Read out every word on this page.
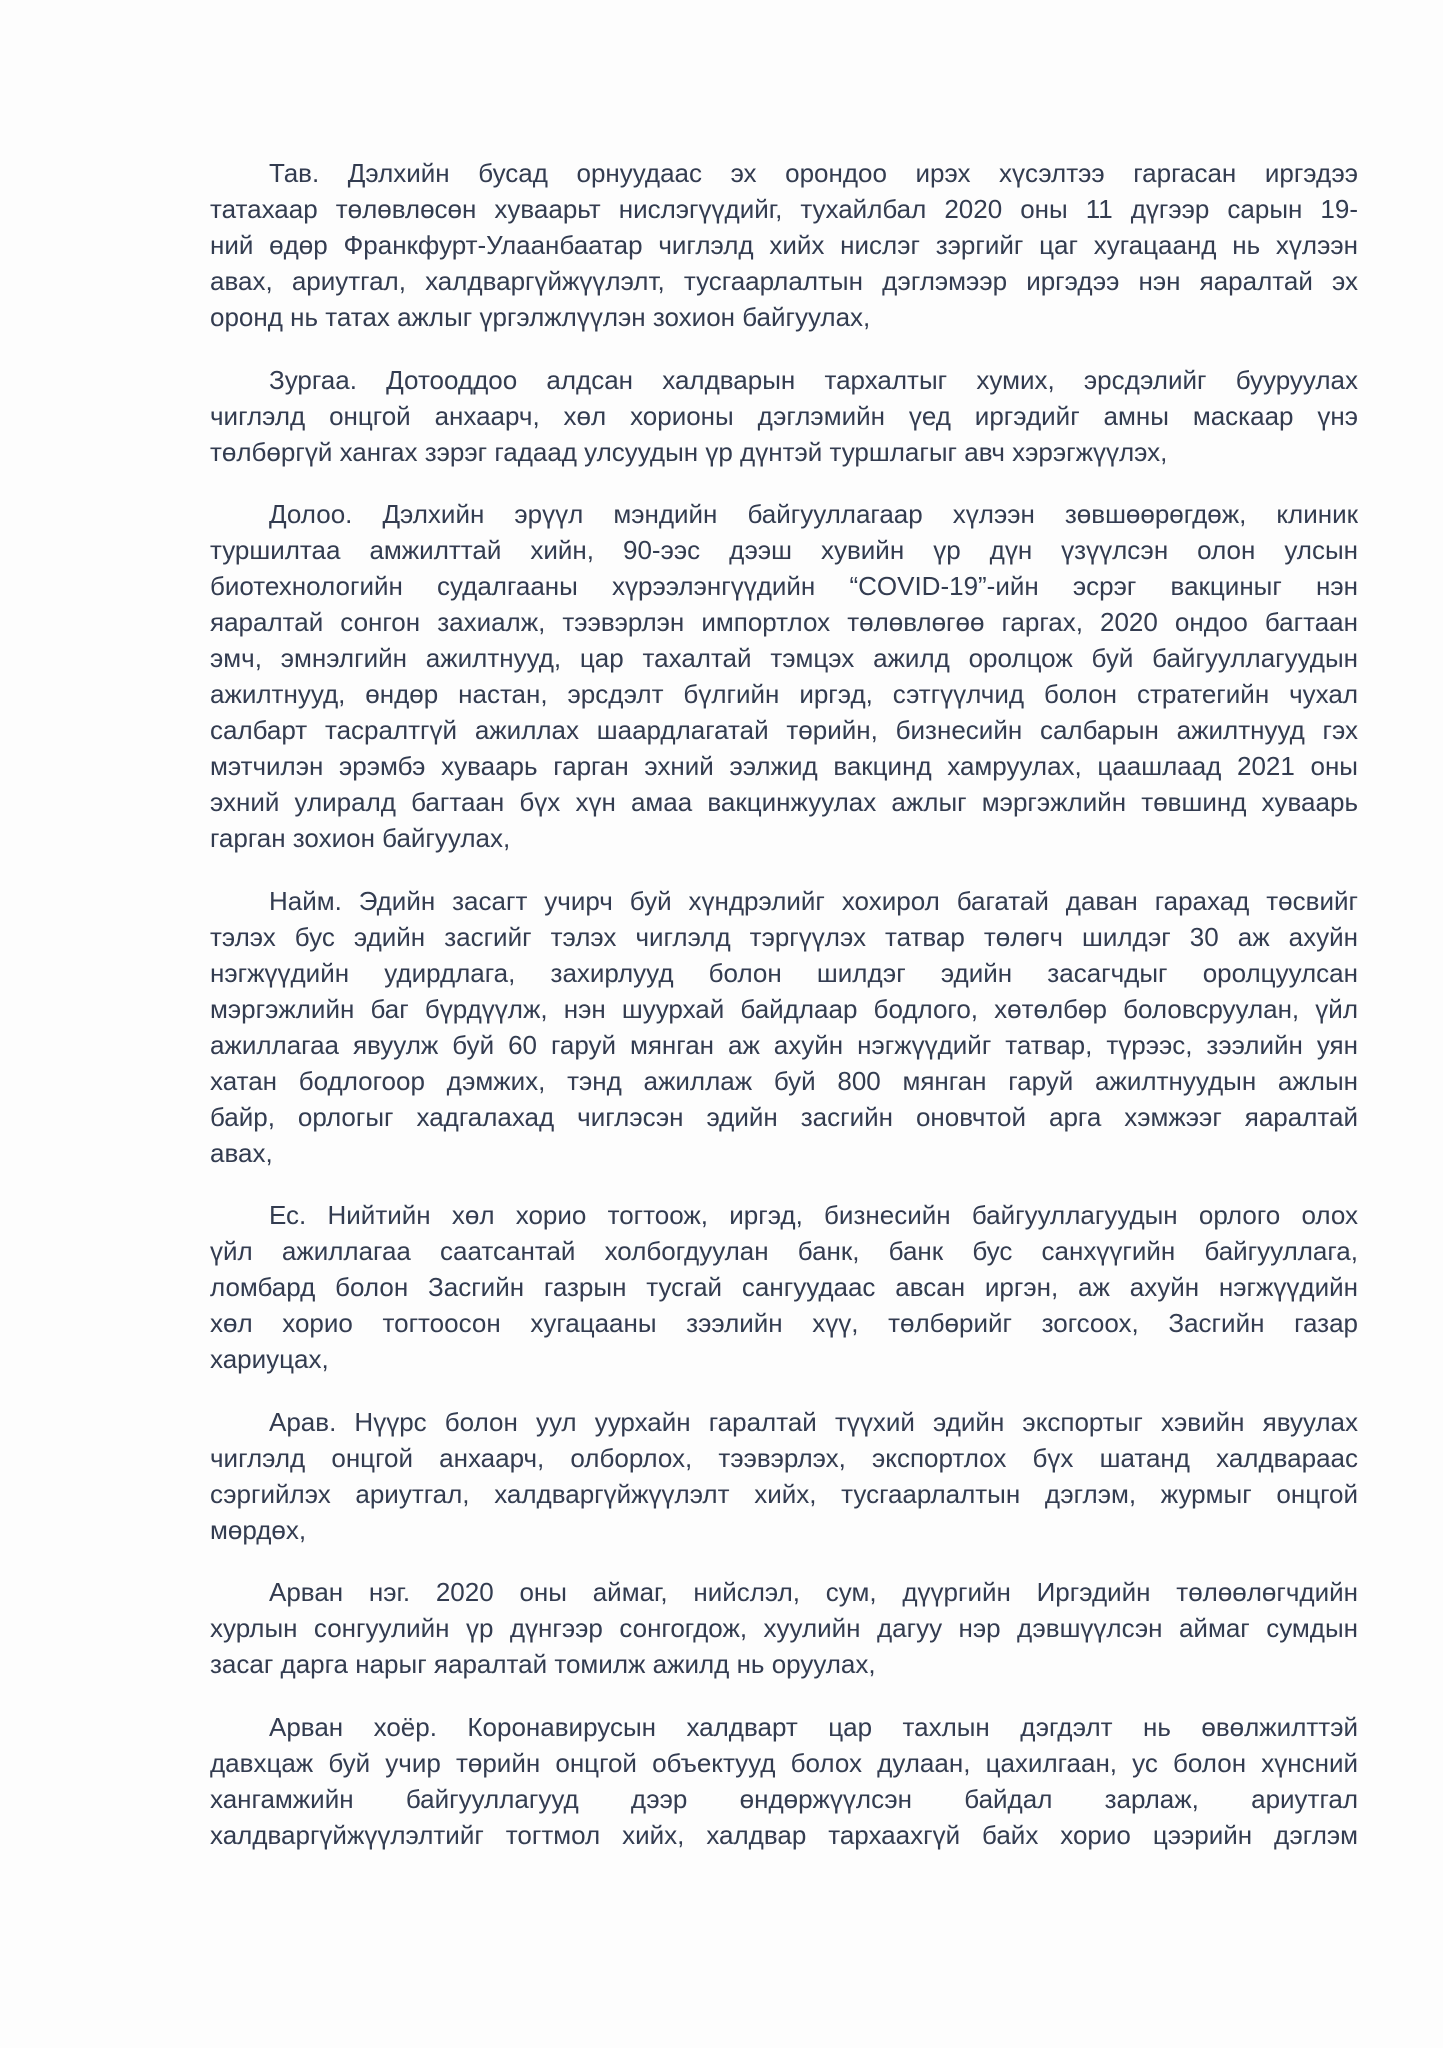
Тав. Дэлхийн бусад орнуудаас эх орондоо ирэх хүсэлтээ гаргасан иргэдээ
татахаар төлөвлөсөн хуваарьт нислэгүүдийг, тухайлбал 2020 оны 11 дүгээр сарын 19-
ний өдөр Франкфурт-Улаанбаатар чиглэлд хийх нислэг зэргийг цаг хугацаанд нь хүлээн
авах, ариутгал, халдваргүйжүүлэлт, тусгаарлалтын дэглэмээр иргэдээ нэн яаралтай эх
оронд нь татах ажлыг үргэлжлүүлэн зохион байгуулах,
Зургаа. Дотооддоо алдсан халдварын тархалтыг хумих, эрсдэлийг бууруулах
чиглэлд онцгой анхаарч, хөл хорионы дэглэмийн үед иргэдийг амны маскаар үнэ
төлбөргүй хангах зэрэг гадаад улсуудын үр дүнтэй туршлагыг авч хэрэгжүүлэх,
Долоо. Дэлхийн эрүүл мэндийн байгууллагаар хүлээн зөвшөөрөгдөж, клиник
туршилтаа амжилттай хийн, 90-ээс дээш хувийн үр дүн үзүүлсэн олон улсын
биотехнологийн судалгааны хүрээлэнгүүдийн “COVID-19”-ийн эсрэг вакциныг нэн
яаралтай сонгон захиалж, тээвэрлэн импортлох төлөвлөгөө гаргах, 2020 ондоо багтаан
эмч, эмнэлгийн ажилтнууд, цар тахалтай тэмцэх ажилд оролцож буй байгууллагуудын
ажилтнууд, өндөр настан, эрсдэлт бүлгийн иргэд, сэтгүүлчид болон стратегийн чухал
салбарт тасралтгүй ажиллах шаардлагатай төрийн, бизнесийн салбарын ажилтнууд гэх
мэтчилэн эрэмбэ хуваарь гарган эхний ээлжид вакцинд хамруулах, цаашлаад 2021 оны
эхний улиралд багтаан бүх хүн амаа вакцинжуулах ажлыг мэргэжлийн төвшинд хуваарь
гарган зохион байгуулах,
Найм. Эдийн засагт учирч буй хүндрэлийг хохирол багатай даван гарахад төсвийг
тэлэх бус эдийн засгийг тэлэх чиглэлд тэргүүлэх татвар төлөгч шилдэг 30 аж ахуйн
нэгжүүдийн удирдлага, захирлууд болон шилдэг эдийн засагчдыг оролцуулсан
мэргэжлийн баг бүрдүүлж, нэн шуурхай байдлаар бодлого, хөтөлбөр боловсруулан, үйл
ажиллагаа явуулж буй 60 гаруй мянган аж ахуйн нэгжүүдийг татвар, түрээс, зээлийн уян
хатан бодлогоор дэмжих, тэнд ажиллаж буй 800 мянган гаруй ажилтнуудын ажлын
байр, орлогыг хадгалахад чиглэсэн эдийн засгийн оновчтой арга хэмжээг яаралтай
авах,
Ес. Нийтийн хөл хорио тогтоож, иргэд, бизнесийн байгууллагуудын орлого олох
үйл ажиллагаа саатсантай холбогдуулан банк, банк бус санхүүгийн байгууллага,
ломбард болон Засгийн газрын тусгай сангуудаас авсан иргэн, аж ахуйн нэгжүүдийн
хөл хорио тогтоосон хугацааны зээлийн хүү, төлбөрийг зогсоох, Засгийн газар
хариуцах,
Арав. Нүүрс болон уул уурхайн гаралтай түүхий эдийн экспортыг хэвийн явуулах
чиглэлд онцгой анхаарч, олборлох, тээвэрлэх, экспортлох бүх шатанд халдвараас
сэргийлэх ариутгал, халдваргүйжүүлэлт хийх, тусгаарлалтын дэглэм, журмыг онцгой
мөрдөх,
Арван нэг. 2020 оны аймаг, нийслэл, сум, дүүргийн Иргэдийн төлөөлөгчдийн
хурлын сонгуулийн үр дүнгээр сонгогдож, хуулийн дагуу нэр дэвшүүлсэн аймаг сумдын
засаг дарга нарыг яаралтай томилж ажилд нь оруулах,
Арван хоёр. Коронавирусын халдварт цар тахлын дэгдэлт нь өвөлжилттэй
давхцаж буй учир төрийн онцгой объектууд болох дулаан, цахилгаан, ус болон хүнсний
хангамжийн байгууллагууд дээр өндөржүүлсэн байдал зарлаж, ариутгал
халдваргүйжүүлэлтийг тогтмол хийх, халдвар тархаахгүй байх хорио цээрийн дэглэм
